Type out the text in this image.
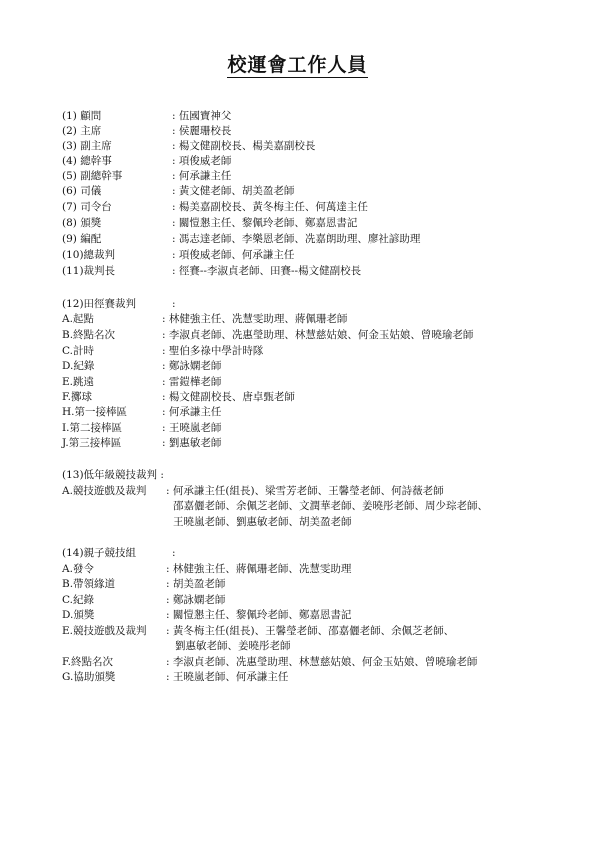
校運會工作人員
(1) 顧問	: 伍國寶神父
(2) 主席	: 侯麗珊校長
(3) 副主席	: 楊文健副校長、楊美嘉副校長
(4) 總幹事	: 項俊威老師
(5) 副總幹事	: 何承謙主任
(6) 司儀	: 黃文健老師、胡美盈老師
(7) 司令台	: 楊美嘉副校長、黃冬梅主任、何萬達主任
(8) 頒獎	: 關愷懇主任、黎佩玲老師、鄭嘉恩書記
(9) 編配	: 馮志達老師、李樂恩老師、冼嘉朗助理、廖社諺助理
(10)總裁判	: 項俊威老師、何承謙主任
(11)裁判長	: 徑賽--李淑貞老師、田賽--楊文健副校長
(12)田徑賽裁判	:
A.起點	: 林健強主任、冼慧雯助理、蔣佩珊老師
B.終點名次	: 李淑貞老師、冼惠瑩助理、林慧慈姑娘、何金玉姑娘、曾曉瑜老師
C.計時	: 聖伯多祿中學計時隊
D.紀錄	: 鄭詠嫻老師
E.跳遠	: 雷鎧樺老師
F.擲球	: 楊文健副校長、唐卓甄老師
H.第一接棒區	: 何承謙主任
I.第二接棒區	: 王曉嵐老師
J.第三接棒區	: 劉惠敏老師
(13)低年級競技裁判 :
A.競技遊戲及裁判 : 何承謙主任(組長)、梁雪芳老師、王馨瑩老師、何詩薇老師
邵嘉儷老師、余佩芝老師、文潤華老師、姜曉彤老師、周少琮老師、
王曉嵐老師、劉惠敏老師、胡美盈老師
(14)親子競技組	:
A.發令	: 林健強主任、蔣佩珊老師、冼慧雯助理
B.帶領緣道	: 胡美盈老師
C.紀錄	: 鄭詠嫻老師
D.頒獎	: 關愷懇主任、黎佩玲老師、鄭嘉恩書記
E.競技遊戲及裁判 : 黃冬梅主任(組長)、王馨瑩老師、邵嘉儷老師、余佩芝老師、
劉惠敏老師、姜曉彤老師
F.終點名次	: 李淑貞老師、冼惠瑩助理、林慧慈姑娘、何金玉姑娘、曾曉瑜老師
G.協助頒獎	: 王曉嵐老師、何承謙主任
